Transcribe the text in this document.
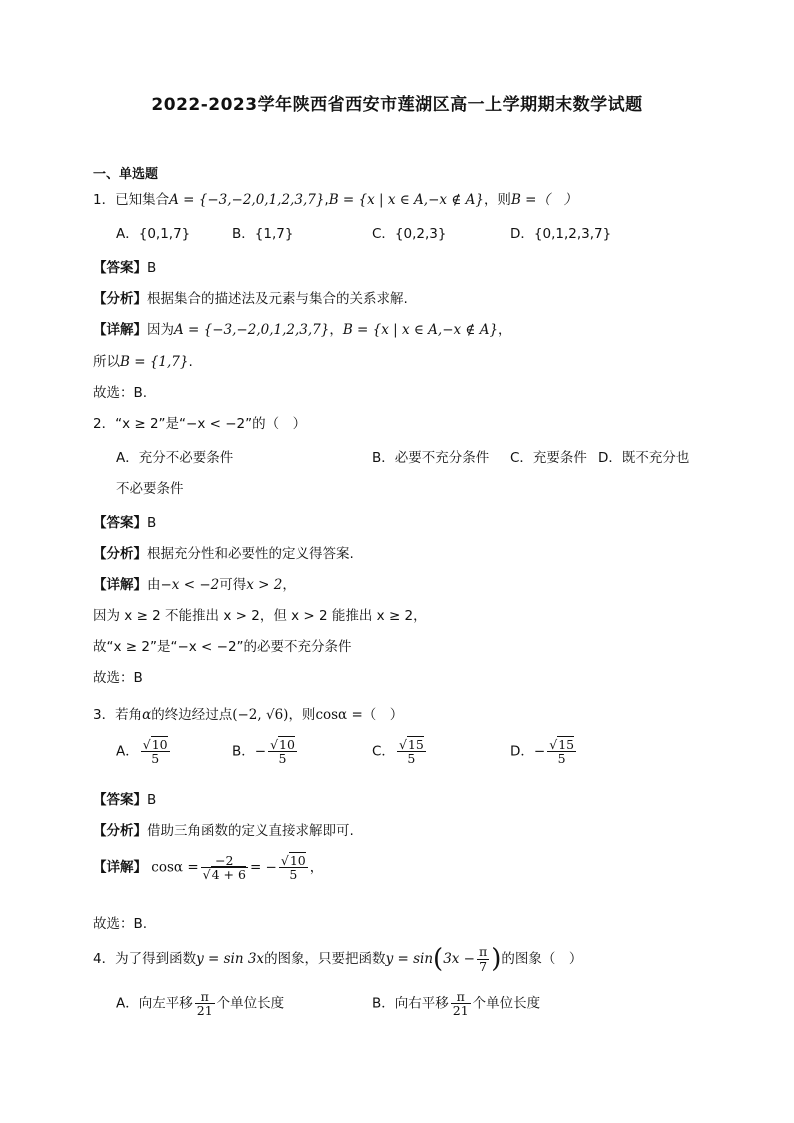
2022-2023学年陕西省西安市莲湖区高一上学期期末数学试题
一、单选题
1．已知集合A = {−3,−2,0,1,2,3,7},B = {x | x ∈ A,−x ∉ A}，则B =（　）
A．{0,1,7}	B．{1,7}	C．{0,2,3}	D．{0,1,2,3,7}
【答案】B
【分析】根据集合的描述法及元素与集合的关系求解.
【详解】因为A = {−3,−2,0,1,2,3,7}，B = {x | x ∈ A,−x ∉ A}，
所以B = {1,7}.
故选：B.
2．“x ≥ 2”是“−x < −2”的（　）
A．充分不必要条件	B．必要不充分条件 C．充要条件 D．既不充分也
不必要条件
【答案】B
【分析】根据充分性和必要性的定义得答案.
【详解】由−x < −2可得x > 2，
因为 x ≥ 2 不能推出 x > 2，但 x > 2 能推出 x ≥ 2，
故“x ≥ 2”是“−x < −2”的必要不充分条件
故选：B
3．若角α的终边经过点(−2, √6)，则cosα =（　）
A． $\frac{√10}{5}$	B．− $\frac{√10}{5}$	C． $\frac{√15}{5}$	D．− $\frac{√15}{5}$
【答案】B
【分析】借助三角函数的定义直接求解即可.
【详解】 $\cos\alpha = \frac{-2}{√4 + 6}$ = − $\frac{√10}{5}$ ，
故选：B.
4．为了得到函数y = sin 3x的图象，只要把函数$y = \sin(3x - \frac{\pi}{7}$ )的图象（　）
A．向左平移 $\frac{\pi}{21}$ 个单位长度	B．向右平移 $\frac{\pi}{21}$ 个单位长度
